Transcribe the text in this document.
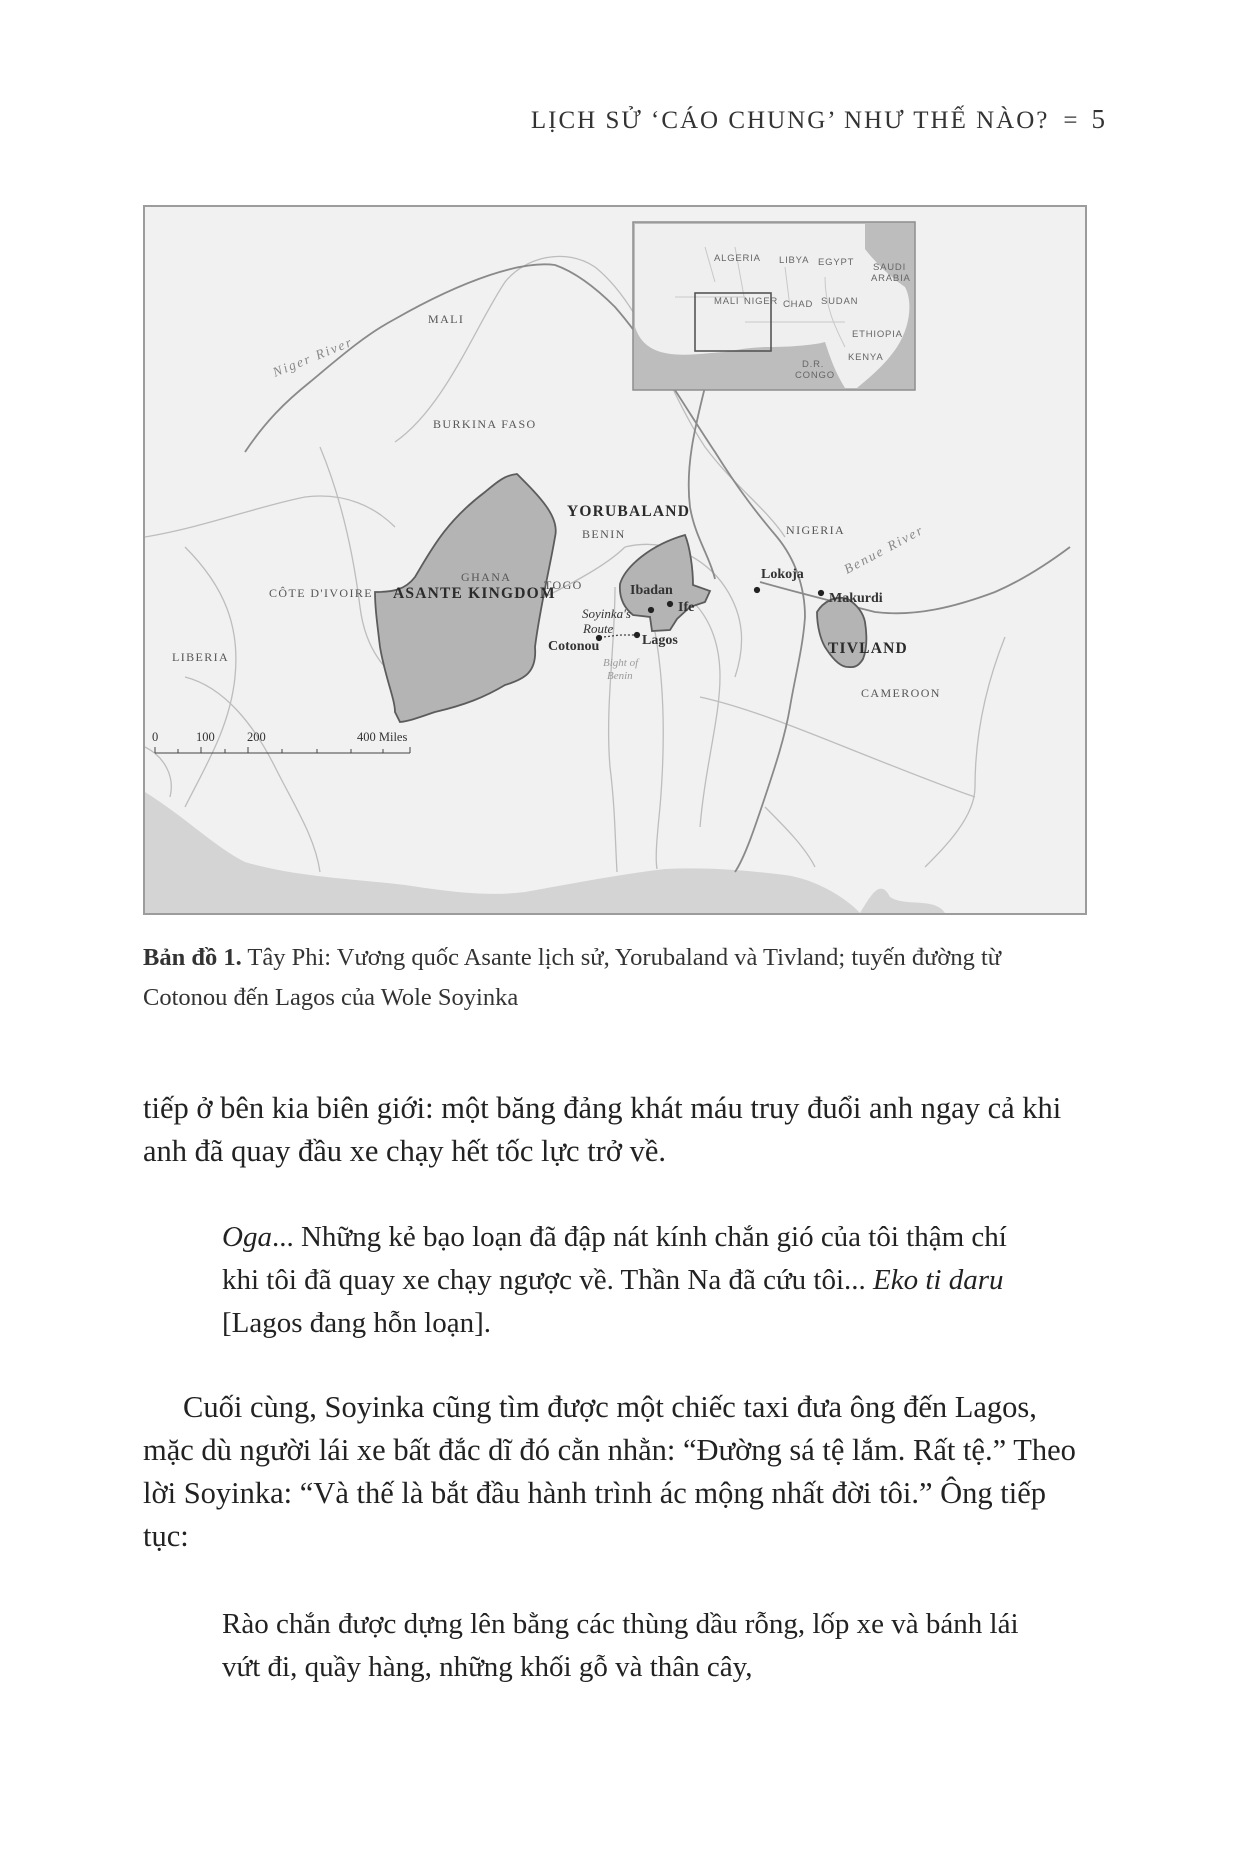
LỊCH SỬ ‘CÁO CHUNG’ NHƯ THẾ NÀO? = 5
ALGERIA LIBYA EGYPT SAUDI
ARABIA
MALI NIGER CHAD SUDAN
ETHIOPIA
KENYA
D.R.
CONGO
0	100	200	400 Miles
MALI
BURKINA FASO
CÔTE D'IVOIRE
GHANA
TOGO
BENIN	NIGERIA
LIBERIA
CAMEROON
ASANTE KINGDOM
YORUBALAND
TIVLAND
Ibadan
Ife
Lagos
Cotonou
Lokoja
Makurdi
Soyinka's
Route
Bight of
Benin
Niger River
Benue River
Bản đồ 1. Tây Phi: Vương quốc Asante lịch sử, Yorubaland và Tivland; tuyến đường từ Cotonou đến Lagos của Wole Soyinka
tiếp ở bên kia biên giới: một băng đảng khát máu truy đuổi anh ngay cả khi anh đã quay đầu xe chạy hết tốc lực trở về.
Oga... Những kẻ bạo loạn đã đập nát kính chắn gió của tôi thậm chí khi tôi đã quay xe chạy ngược về. Thần Na đã cứu tôi... Eko ti daru [Lagos đang hỗn loạn].
Cuối cùng, Soyinka cũng tìm được một chiếc taxi đưa ông đến Lagos, mặc dù người lái xe bất đắc dĩ đó cằn nhằn: “Đường sá tệ lắm. Rất tệ.” Theo lời Soyinka: “Và thế là bắt đầu hành trình ác mộng nhất đời tôi.” Ông tiếp tục:
Rào chắn được dựng lên bằng các thùng dầu rỗng, lốp xe và bánh lái vứt đi, quầy hàng, những khối gỗ và thân cây,
